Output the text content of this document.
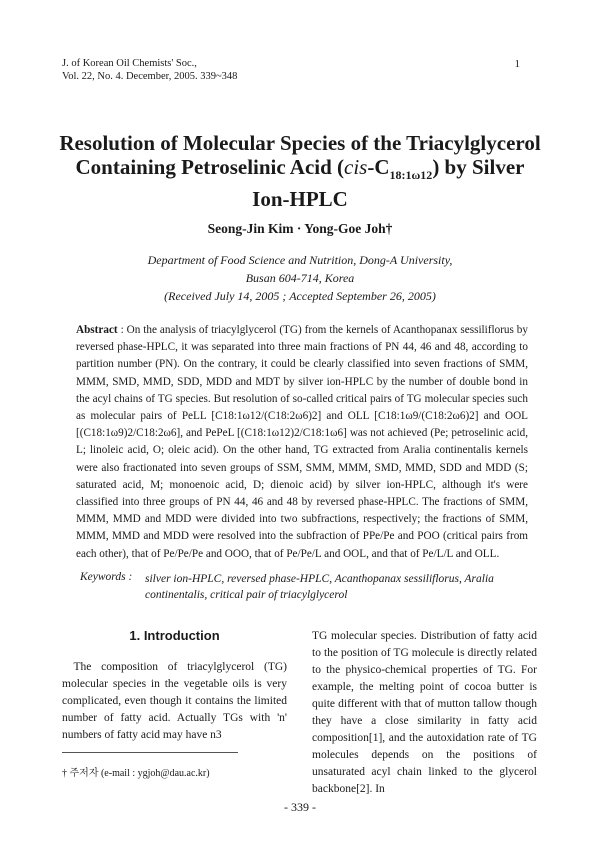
J. of Korean Oil Chemists' Soc.,
Vol. 22, No. 4. December, 2005. 339~348
1
Resolution of Molecular Species of the Triacylglycerol
Containing Petroselinic Acid $(cis-C_{18:1\omega 12})$ by Silver
Ion-HPLC
Seong-Jin Kim · Yong-Goe Joh†
Department of Food Science and Nutrition, Dong-A University,
Busan 604-714, Korea
(Received July 14, 2005 ; Accepted September 26, 2005)
Abstract : On the analysis of triacylglycerol (TG) from the kernels of Acanthopanax sessiliflorus by reversed phase-HPLC, it was separated into three main fractions of PN 44, 46 and 48, according to partition number (PN). On the contrary, it could be clearly classified into seven fractions of SMM, MMM, SMD, MMD, SDD, MDD and MDT by silver ion-HPLC by the number of double bond in the acyl chains of TG species. But resolution of so-called critical pairs of TG molecular species such as molecular pairs of PeLL [C18:1ω12/(C18:2ω6)2] and OLL [C18:1ω9/(C18:2ω6)2] and OOL [(C18:1ω9)2/C18:2ω6], and PePeL [(C18:1ω12)2/C18:1ω6] was not achieved (Pe; petroselinic acid, L; linoleic acid, O; oleic acid). On the other hand, TG extracted from Aralia continentalis kernels were also fractionated into seven groups of SSM, SMM, MMM, SMD, MMD, SDD and MDD (S; saturated acid, M; monoenoic acid, D; dienoic acid) by silver ion-HPLC, although it's were classified into three groups of PN 44, 46 and 48 by reversed phase-HPLC. The fractions of SMM, MMM, MMD and MDD were divided into two subfractions, respectively; the fractions of SMM, MMM, MMD and MDD were resolved into the subfraction of PPe/Pe and POO (critical pairs from each other), that of Pe/Pe/Pe and OOO, that of Pe/Pe/L and OOL, and that of Pe/L/L and OLL.
Keywords : silver ion-HPLC, reversed phase-HPLC, Acanthopanax sessiliflorus, Aralia continentalis, critical pair of triacylglycerol
1. Introduction
The composition of triacylglycerol (TG) molecular species in the vegetable oils is very complicated, even though it contains the limited number of fatty acid. Actually TGs with 'n' numbers of fatty acid may have n3
TG molecular species. Distribution of fatty acid to the position of TG molecule is directly related to the physico-chemical properties of TG. For example, the melting point of cocoa butter is quite different with that of mutton tallow though they have a close similarity in fatty acid composition[1], and the autoxidation rate of TG molecules depends on the positions of unsaturated acyl chain linked to the glycerol backbone[2]. In
† 주저자 (e-mail : ygjoh@dau.ac.kr)
- 339 -
